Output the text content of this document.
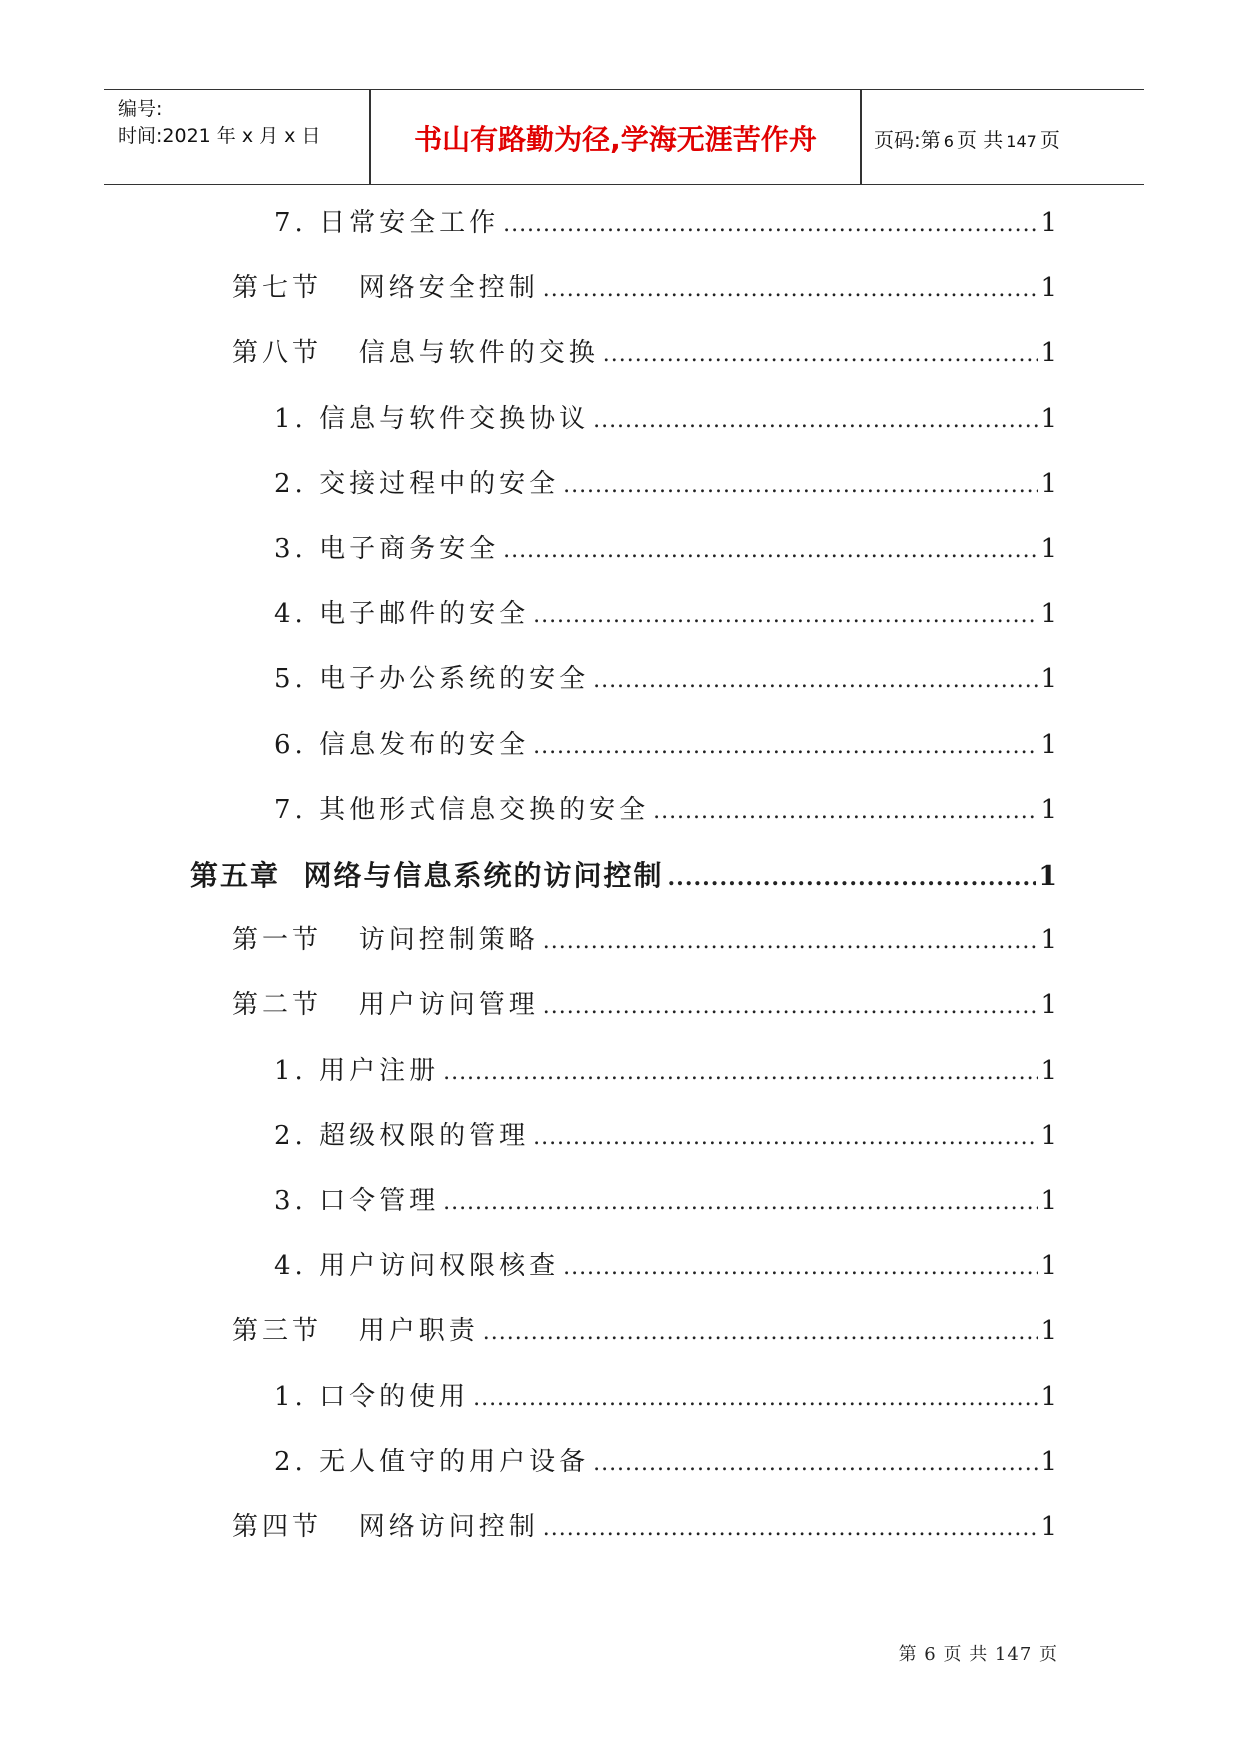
编号:
时间:2021 年 x 月 x 日	书山有路勤为径,学海无涯苦作舟	页码:第 6 页 共 147 页
7. 日常安全工作 .....	1
第七节   网络安全控制 .....	1
第八节   信息与软件的交换 .....	1
1. 信息与软件交换协议 .....	1
2. 交接过程中的安全 .....	1
3. 电子商务安全 .....	1
4. 电子邮件的安全 .....	1
5. 电子办公系统的安全 .....	1
6. 信息发布的安全 .....	1
7. 其他形式信息交换的安全 .....	1
第五章  网络与信息系统的访问控制 .....	1
第一节   访问控制策略 .....	1
第二节   用户访问管理 .....	1
1. 用户注册 .....	1
2. 超级权限的管理 .....	1
3. 口令管理 .....	1
4. 用户访问权限核查 .....	1
第三节   用户职责 .....	1
1. 口令的使用 .....	1
2. 无人值守的用户设备 .....	1
第四节   网络访问控制 .....	1
第 6 页 共 147 页
